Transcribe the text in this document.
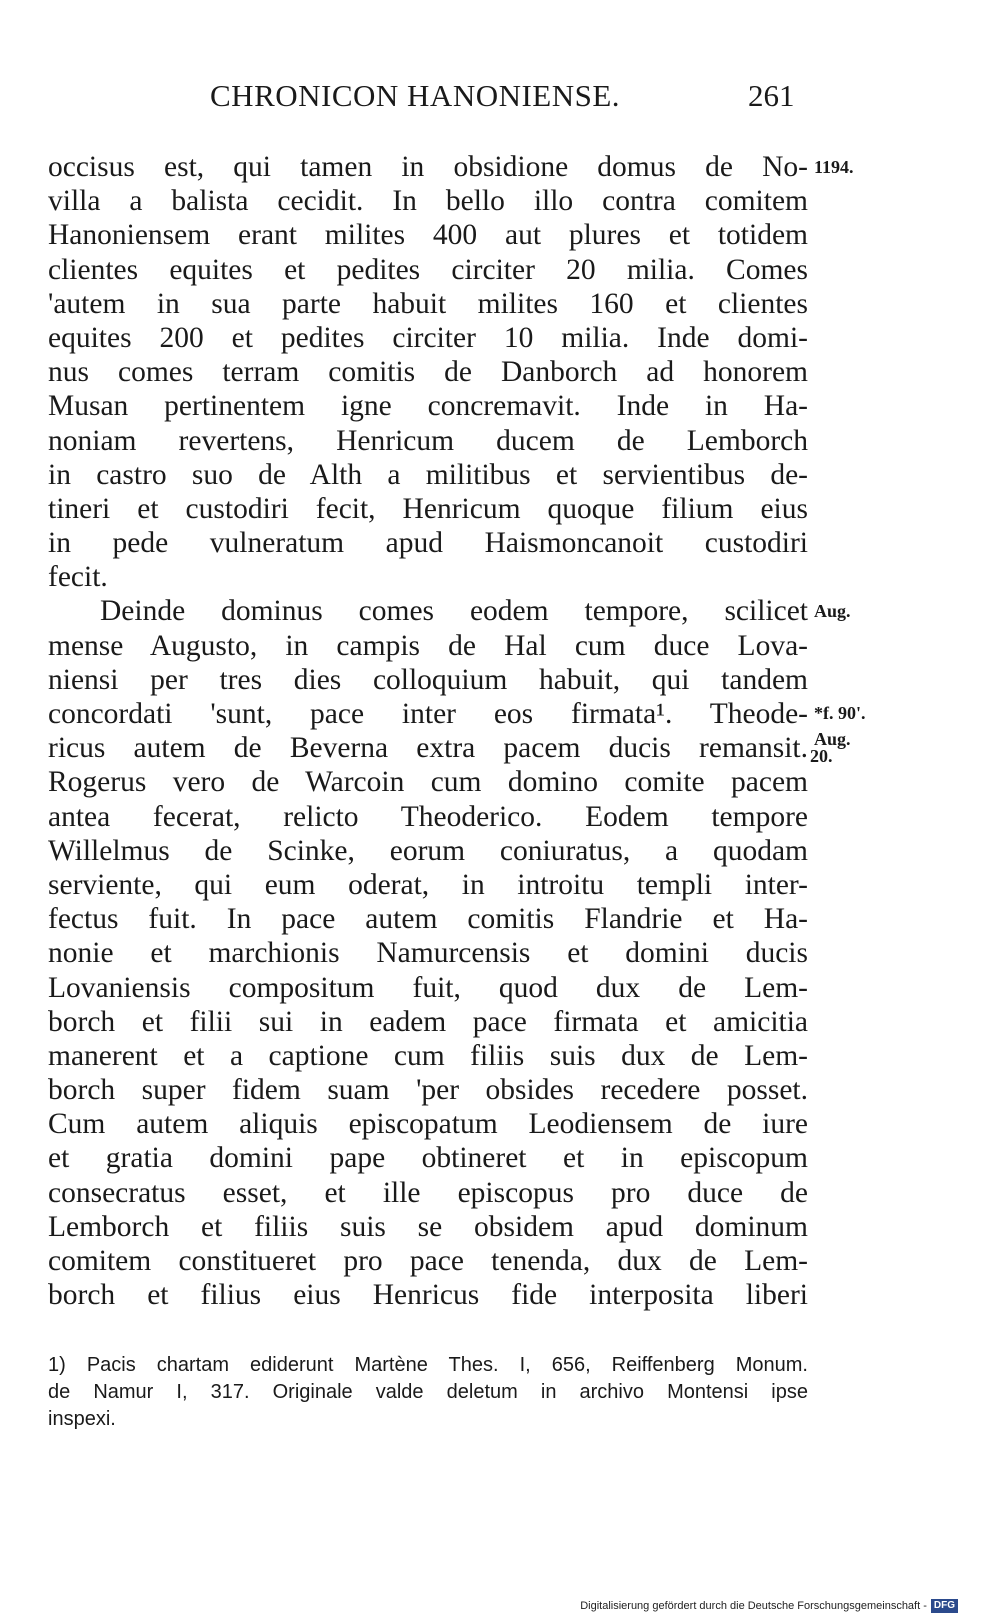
CHRONICON HANONIENSE.	261
occisus est, qui tamen in obsidione domus de No-
villa a balista cecidit. In bello illo contra comitem
Hanoniensem erant milites 400 aut plures et totidem
clientes equites et pedites circiter 20 milia. Comes
'autem in sua parte habuit milites 160 et clientes
equites 200 et pedites circiter 10 milia. Inde domi-
nus comes terram comitis de Danborch ad honorem
Musan pertinentem igne concremavit. Inde in Ha-
noniam revertens, Henricum ducem de Lemborch
in castro suo de Alth a militibus et servientibus de-
tineri et custodiri fecit, Henricum quoque filium eius
in pede vulneratum apud Haismoncanoit custodiri
fecit.
Deinde dominus comes eodem tempore, scilicet
mense Augusto, in campis de Hal cum duce Lova-
niensi per tres dies colloquium habuit, qui tandem
concordati 'sunt, pace inter eos firmata¹. Theode-
ricus autem de Beverna extra pacem ducis remansit.
Rogerus vero de Warcoin cum domino comite pacem
antea fecerat, relicto Theoderico. Eodem tempore
Willelmus de Scinke, eorum coniuratus, a quodam
serviente, qui eum oderat, in introitu templi inter-
fectus fuit. In pace autem comitis Flandrie et Ha-
nonie et marchionis Namurcensis et domini ducis
Lovaniensis compositum fuit, quod dux de Lem-
borch et filii sui in eadem pace firmata et amicitia
manerent et a captione cum filiis suis dux de Lem-
borch super fidem suam 'per obsides recedere posset.
Cum autem aliquis episcopatum Leodiensem de iure
et gratia domini pape obtineret et in episcopum
consecratus esset, et ille episcopus pro duce de
Lemborch et filiis suis se obsidem apud dominum
comitem constitueret pro pace tenenda, dux de Lem-
borch et filius eius Henricus fide interposita liberi
1194.
Aug.
*f. 90'.
Aug.
20.
1) Pacis chartam ediderunt Martène Thes. I, 656, Reiffenberg Monum.
de Namur I, 317. Originale valde deletum in archivo Montensi ipse
inspexi.
Digitalisierung gefördert durch die Deutsche Forschungsgemeinschaft - DFG
